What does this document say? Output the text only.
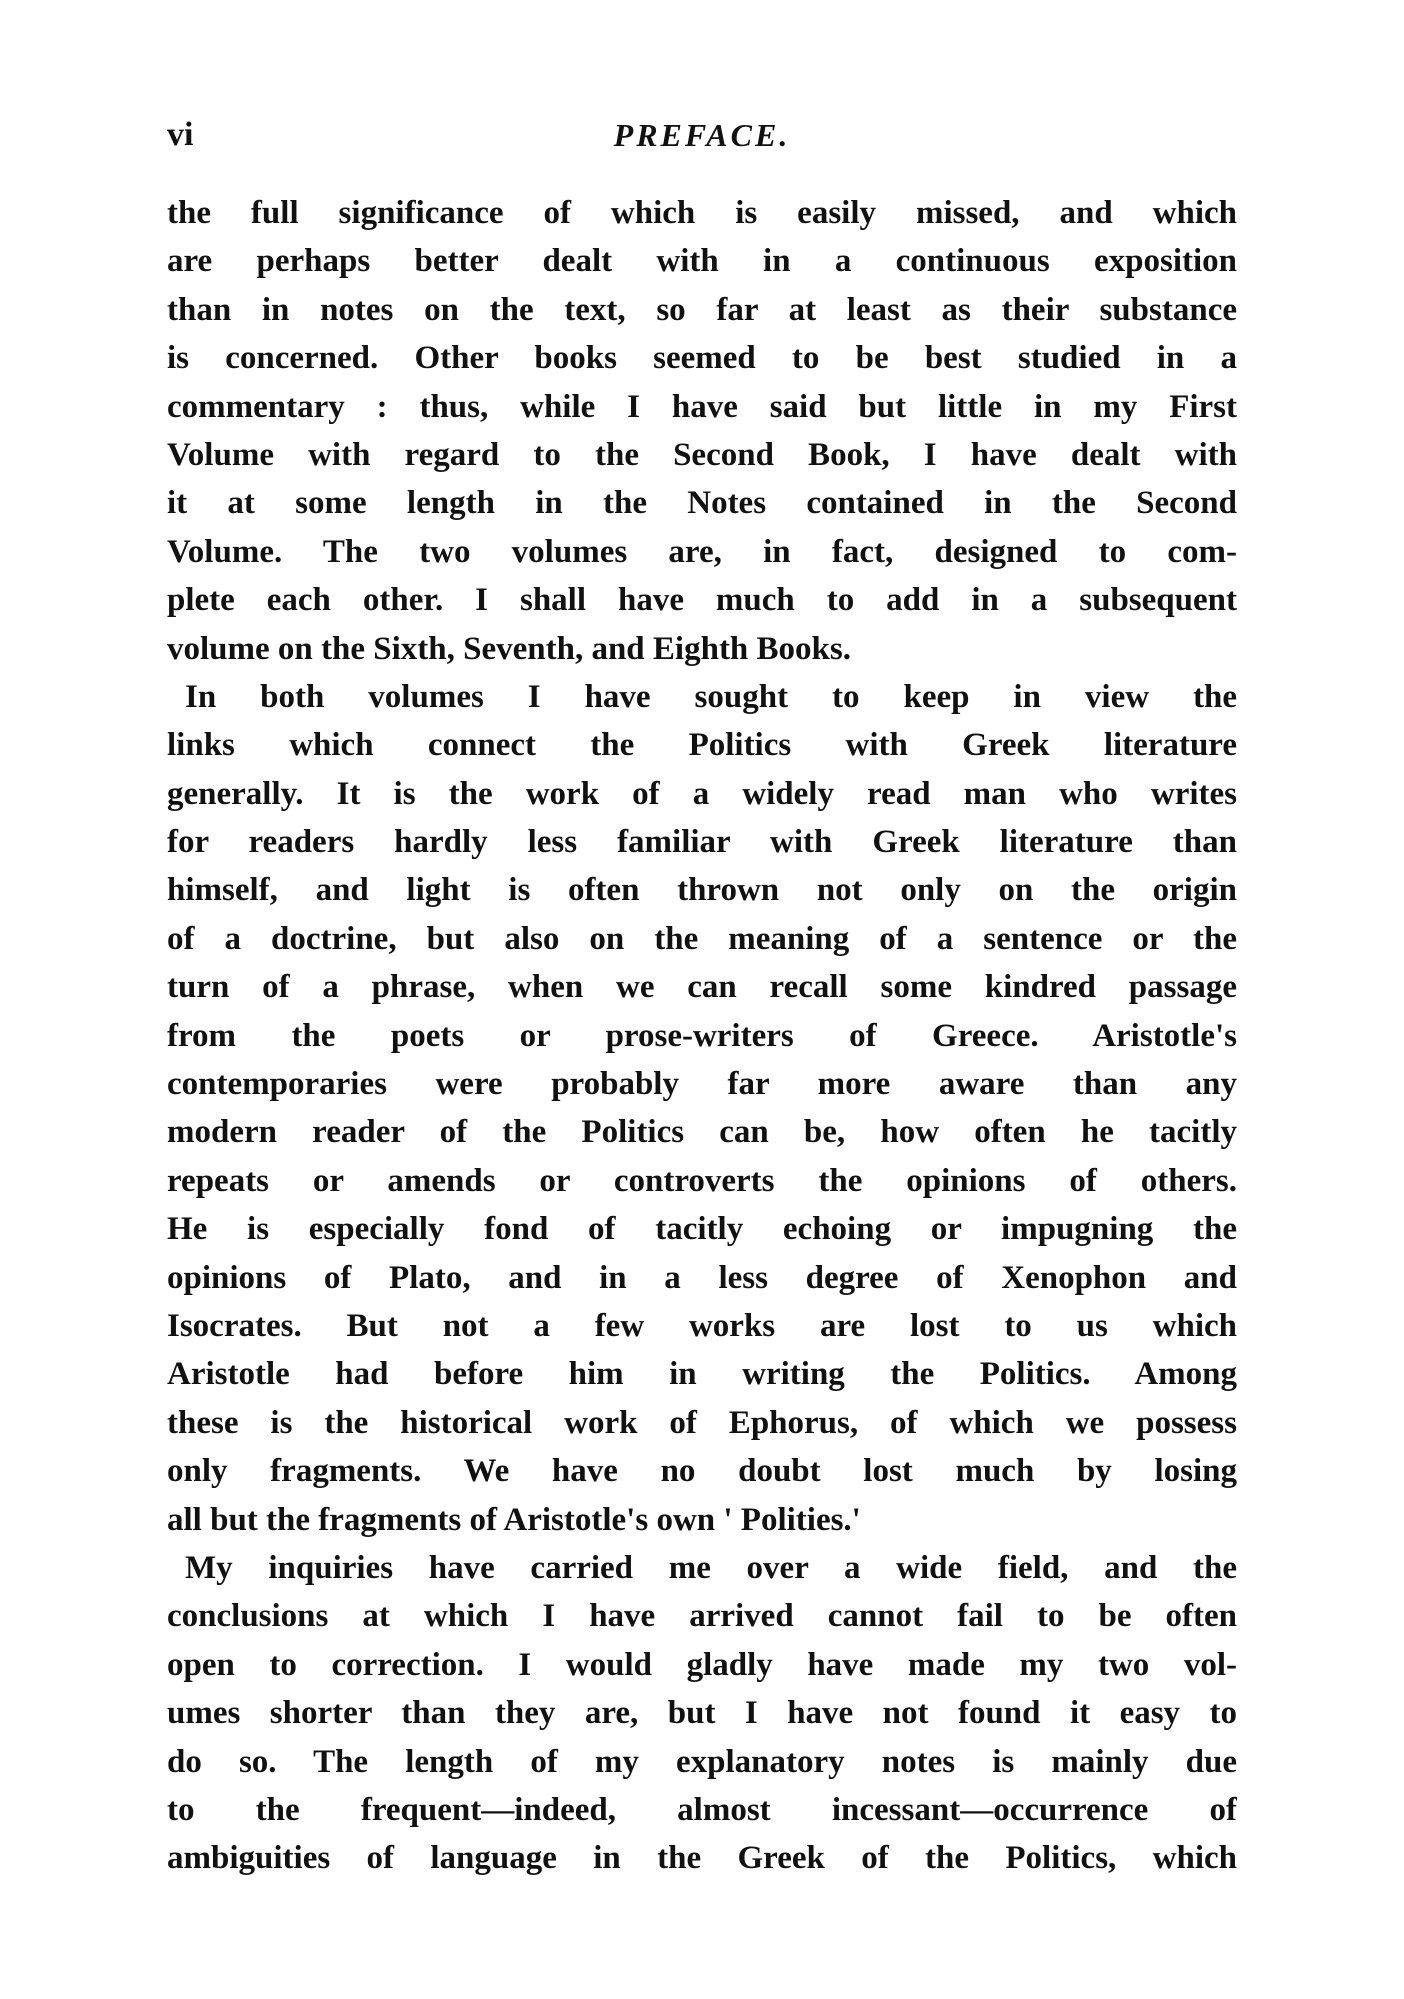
vi	PREFACE.
the full significance of which is easily missed, and which
are perhaps better dealt with in a continuous exposition
than in notes on the text, so far at least as their substance
is concerned. Other books seemed to be best studied in a
commentary : thus, while I have said but little in my First
Volume with regard to the Second Book, I have dealt with
it at some length in the Notes contained in the Second
Volume. The two volumes are, in fact, designed to com-
plete each other. I shall have much to add in a subsequent
volume on the Sixth, Seventh, and Eighth Books.
In both volumes I have sought to keep in view the
links which connect the Politics with Greek literature
generally. It is the work of a widely read man who writes
for readers hardly less familiar with Greek literature than
himself, and light is often thrown not only on the origin
of a doctrine, but also on the meaning of a sentence or the
turn of a phrase, when we can recall some kindred passage
from the poets or prose-writers of Greece. Aristotle's
contemporaries were probably far more aware than any
modern reader of the Politics can be, how often he tacitly
repeats or amends or controverts the opinions of others.
He is especially fond of tacitly echoing or impugning the
opinions of Plato, and in a less degree of Xenophon and
Isocrates. But not a few works are lost to us which
Aristotle had before him in writing the Politics. Among
these is the historical work of Ephorus, of which we possess
only fragments. We have no doubt lost much by losing
all but the fragments of Aristotle's own ' Polities.'
My inquiries have carried me over a wide field, and the
conclusions at which I have arrived cannot fail to be often
open to correction. I would gladly have made my two vol-
umes shorter than they are, but I have not found it easy to
do so. The length of my explanatory notes is mainly due
to the frequent—indeed, almost incessant—occurrence of
ambiguities of language in the Greek of the Politics, which
